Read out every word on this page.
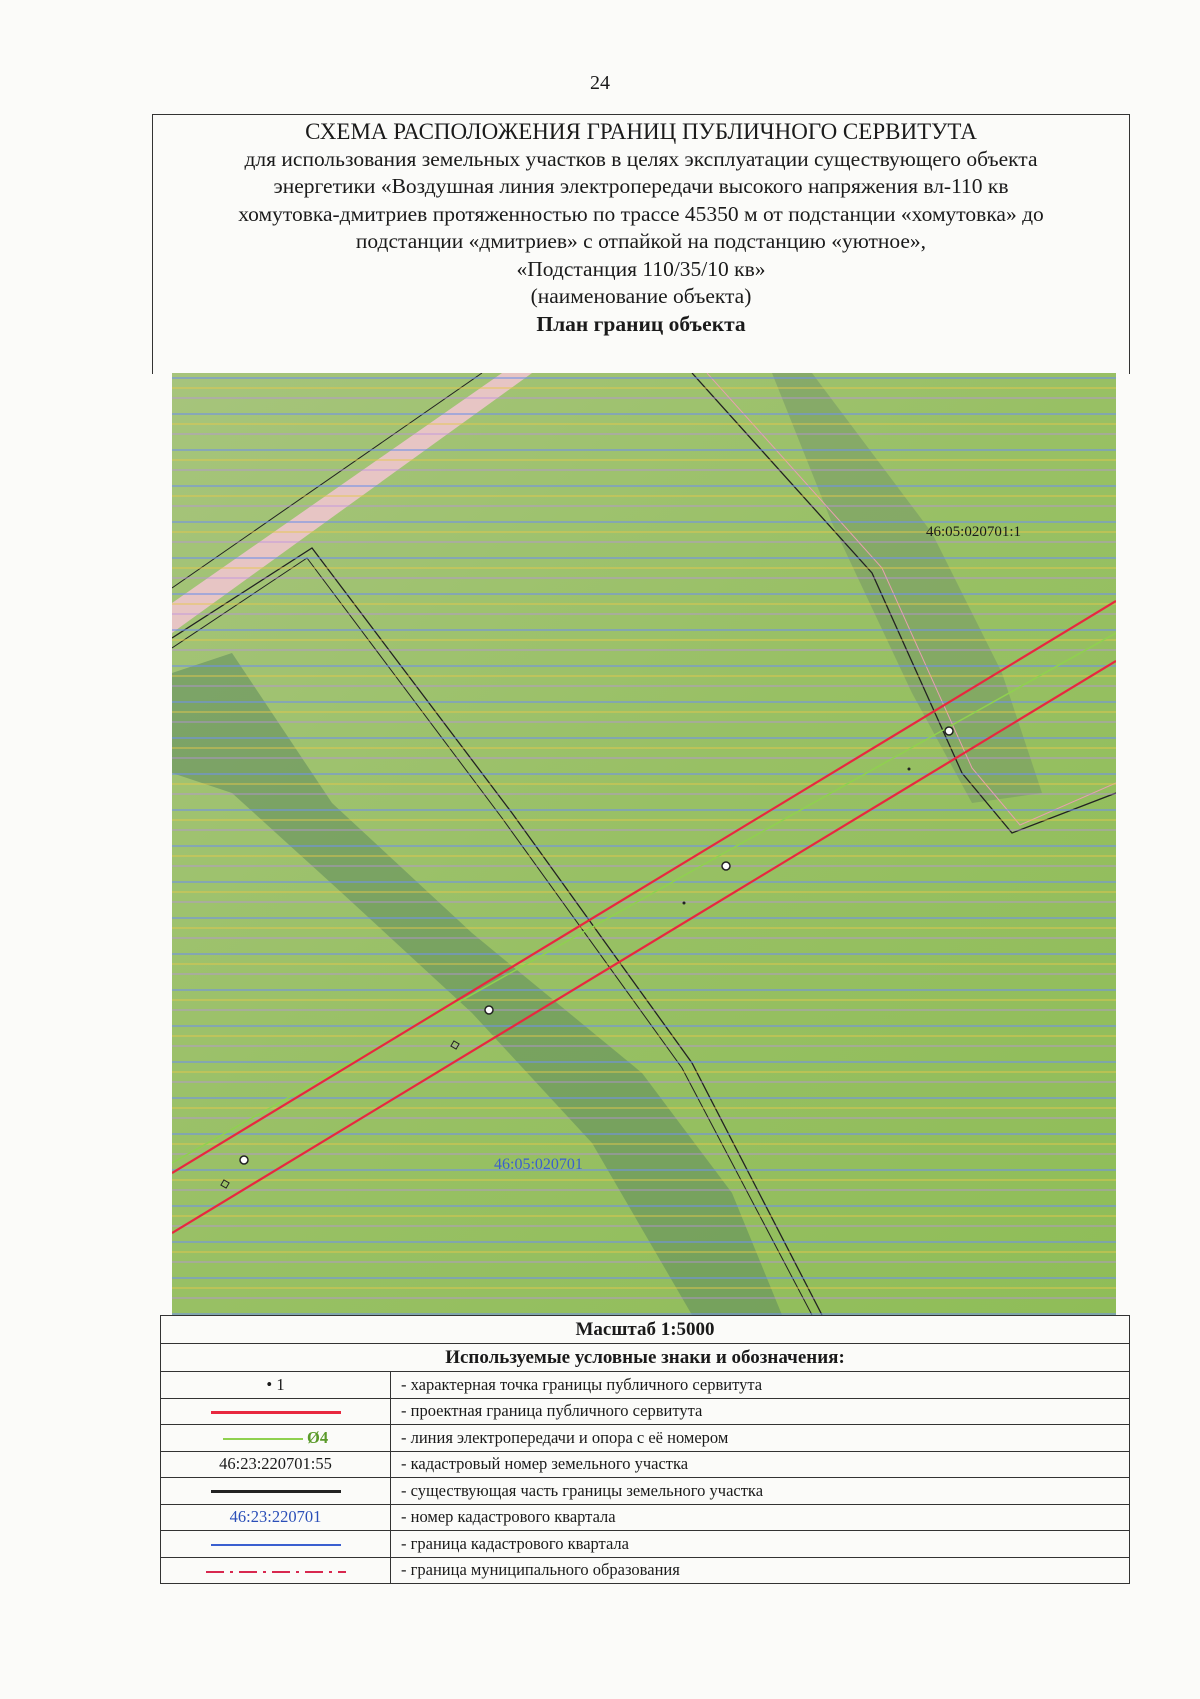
24
СХЕМА РАСПОЛОЖЕНИЯ ГРАНИЦ ПУБЛИЧНОГО СЕРВИТУТА
для использования земельных участков в целях эксплуатации существующего объекта
энергетики «Воздушная линия электропередачи высокого напряжения вл-110 кв
хомутовка-дмитриев протяженностью по трассе 45350 м от подстанции «хомутовка» до
подстанции «дмитриев» с отпайкой на подстанцию «уютное»,
«Подстанция 110/35/10 кв»
(наименование объекта)
План границ объекта
46:05:020701:1
46:05:020701
Масштаб 1:5000	
Используемые условные знаки и обозначения:	
• 1	- характерная точка границы публичного сервитута
	- проектная граница публичного сервитута
Ø4	- линия электропередачи и опора с её номером
46:23:220701:55	- кадастровый номер земельного участка
	- существующая часть границы земельного участка
46:23:220701	- номер кадастрового квартала
	- граница кадастрового квартала
	- граница муниципального образования
